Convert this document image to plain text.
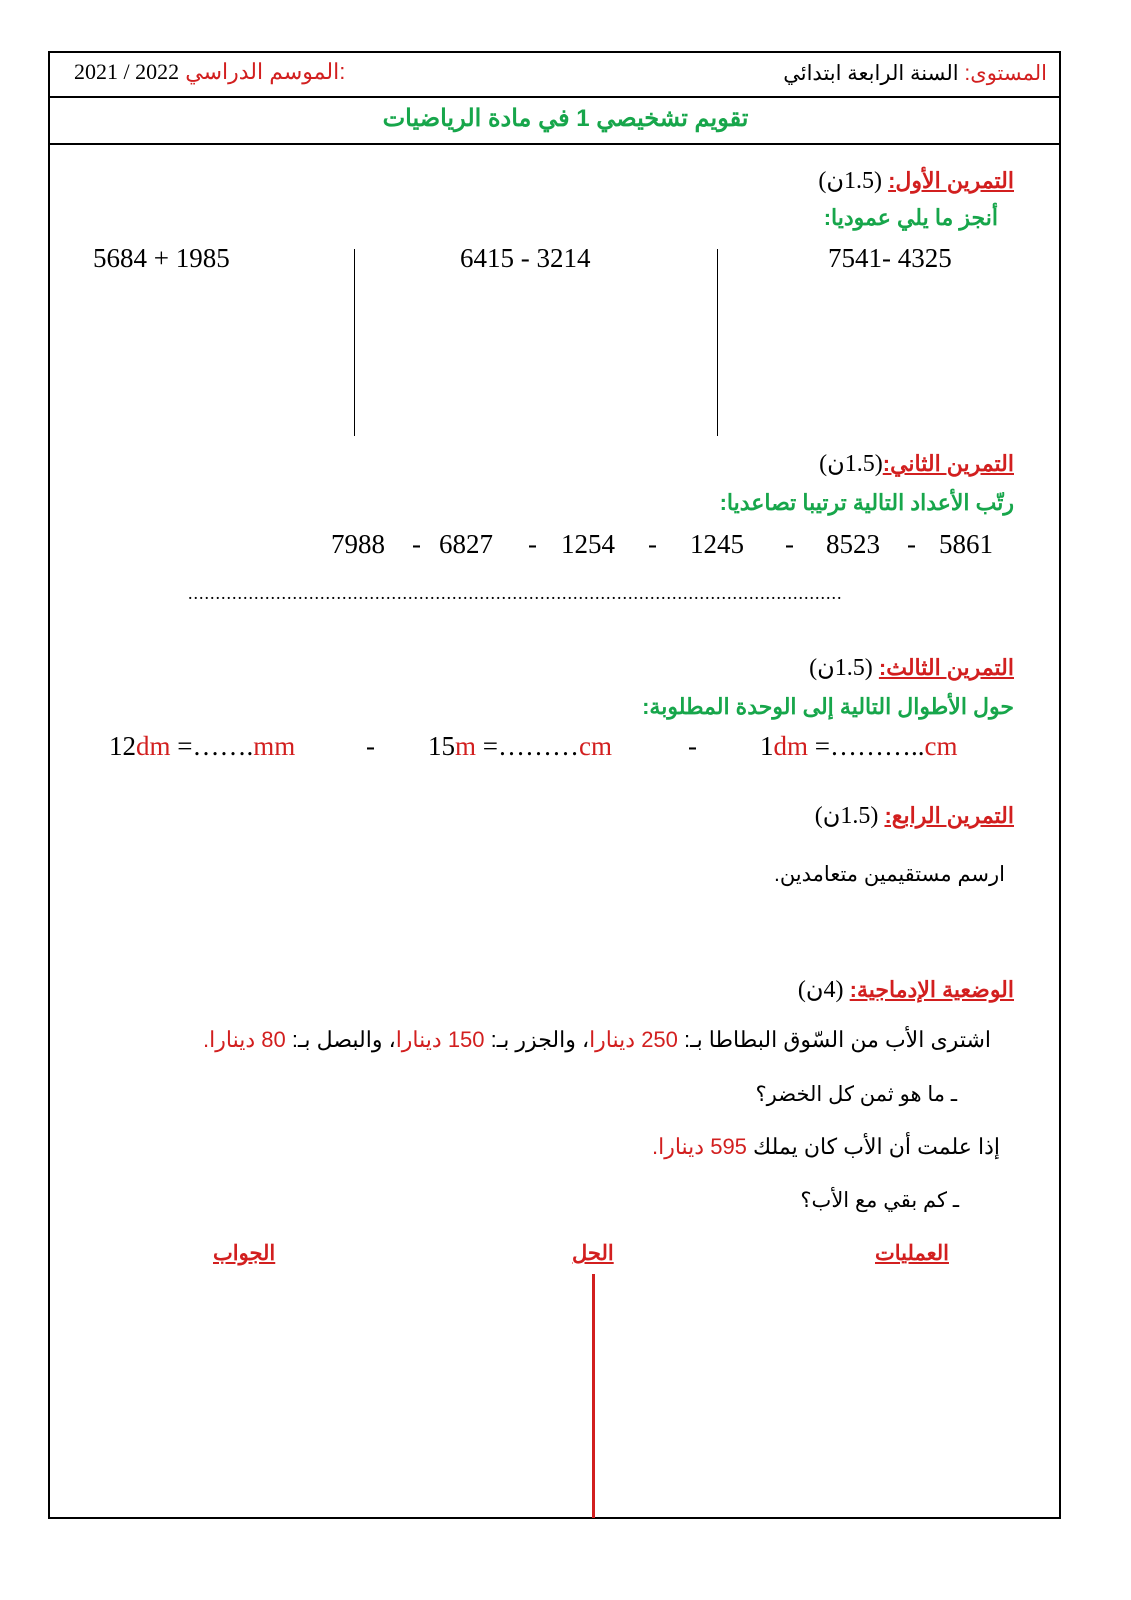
المستوى: السنة الرابعة ابتدائي
2021 / 2022 الموسم الدراسي:
تقويم تشخيصي 1 في مادة الرياضيات
التمرين الأول: (1.5ن)
أنجز ما يلي عموديا:
7541- 4325
6415 - 3214
5684 + 1985
التمرين الثاني:(1.5ن)
رتّب الأعداد التالية ترتيبا تصاعديا:
5861
-
8523
-
1245
-
1254
-
6827
-
7988
.......................................................................................................................
التمرين الثالث: (1.5ن)
حول الأطوال التالية إلى الوحدة المطلوبة:
1dm =………..cm
-
15m =………cm
-
12dm =…….mm
التمرين الرابع: (1.5ن)
ارسم مستقيمين متعامدين.
الوضعية الإدماجية: (4ن)
اشترى الأب من السّوق البطاطا بـ: 250 دينارا، والجزر بـ: 150 دينارا، والبصل بـ: 80 دينارا.
ـ ما هو ثمن كل الخضر؟
إذا علمت أن الأب كان يملك 595 دينارا.
ـ كم بقي مع الأب؟
العمليات
الحل
الجواب
